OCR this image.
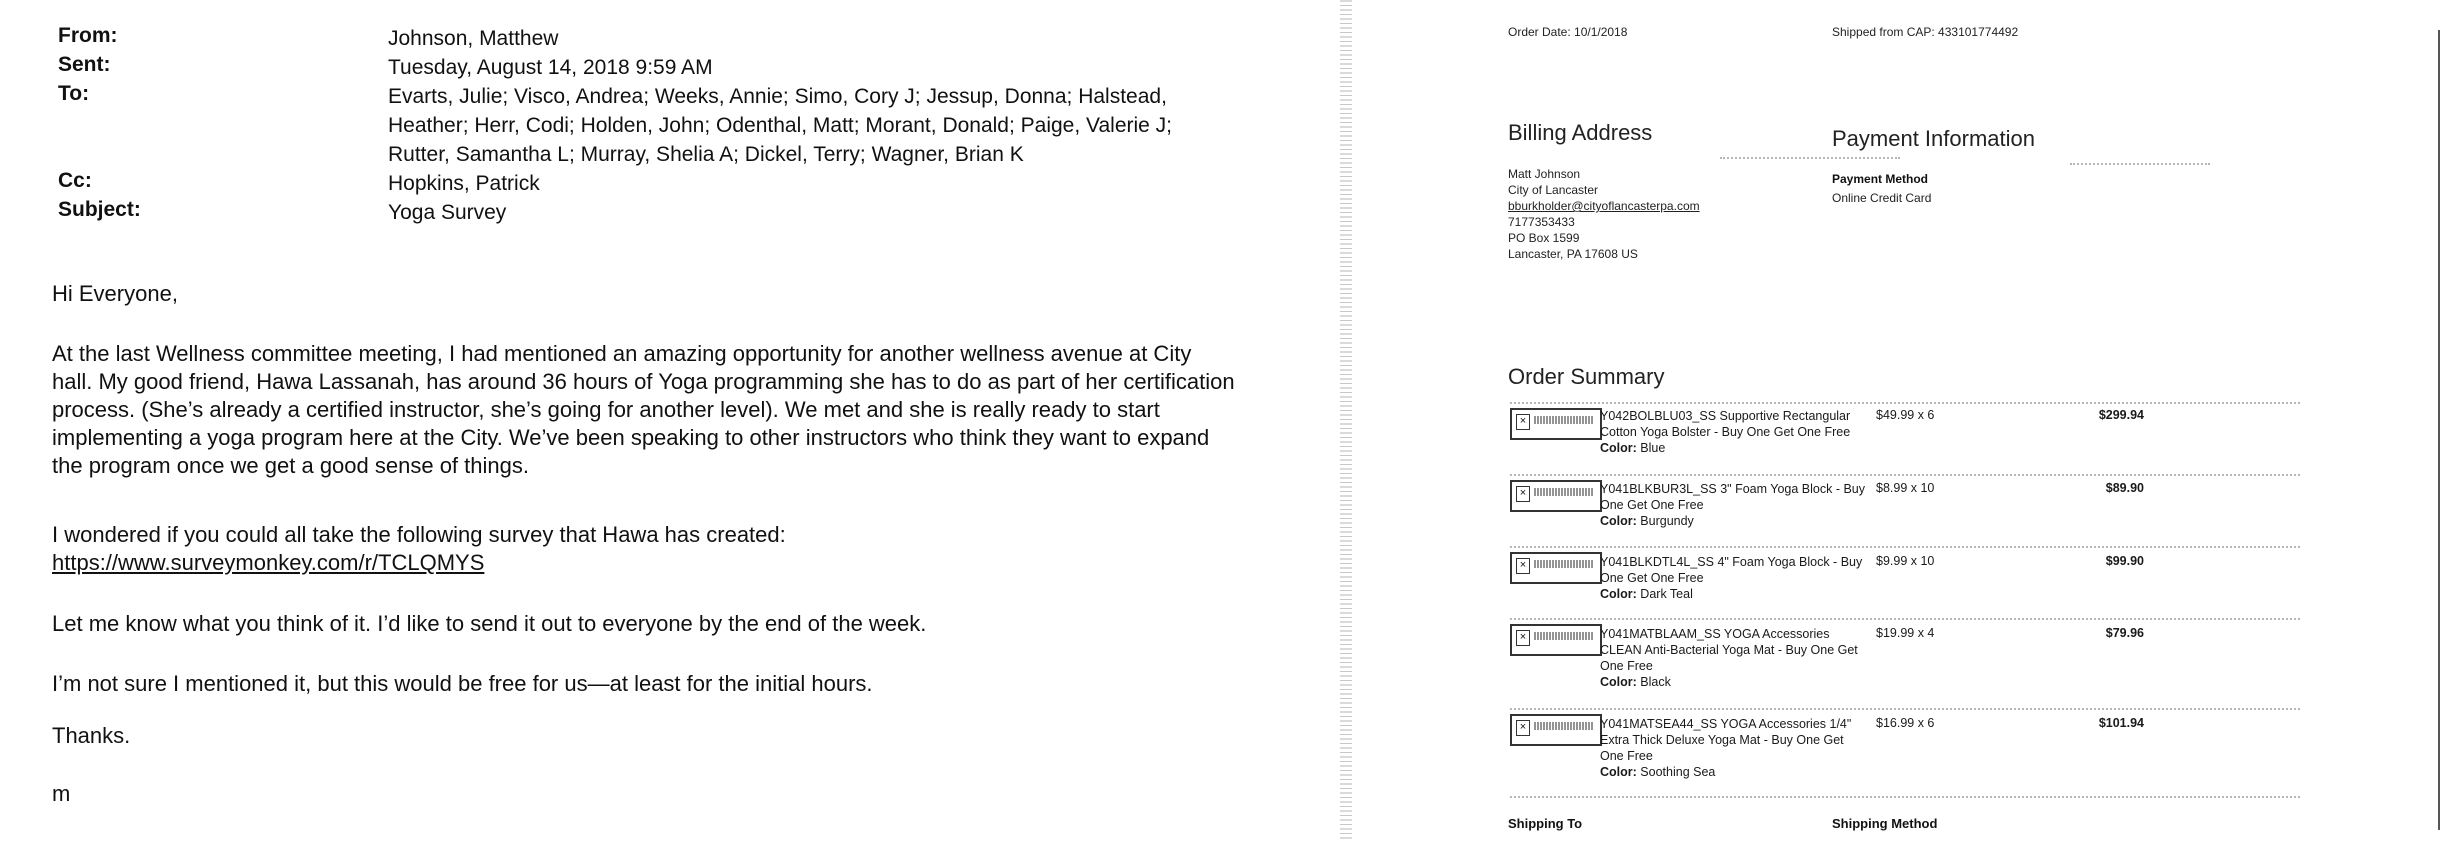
From:	Johnson, Matthew
Sent:	Tuesday, August 14, 2018 9:59 AM
To:	Evarts, Julie; Visco, Andrea; Weeks, Annie; Simo, Cory J; Jessup, Donna; Halstead,
Heather; Herr, Codi; Holden, John; Odenthal, Matt; Morant, Donald; Paige, Valerie J;
Rutter, Samantha L; Murray, Shelia A; Dickel, Terry; Wagner, Brian K
Cc:	Hopkins, Patrick
Subject:	Yoga Survey
Hi Everyone,
At the last Wellness committee meeting, I had mentioned an amazing opportunity for another wellness avenue at City
hall. My good friend, Hawa Lassanah, has around 36 hours of Yoga programming she has to do as part of her certification
process. (She’s already a certified instructor, she’s going for another level). We met and she is really ready to start
implementing a yoga program here at the City. We’ve been speaking to other instructors who think they want to expand
the program once we get a good sense of things.
I wondered if you could all take the following survey that Hawa has created:
https://www.surveymonkey.com/r/TCLQMYS
Let me know what you think of it. I’d like to send it out to everyone by the end of the week.
I’m not sure I mentioned it, but this would be free for us—at least for the initial hours.
Thanks.
m
Order Date: 10/1/2018	Shipped from CAP: 433101774492
Billing Address
Matt Johnson
City of Lancaster
bburkholder@cityoflancasterpa.com
7177353433
PO Box 1599
Lancaster, PA 17608 US
Payment Information
Payment Method
Online Credit Card
Order Summary
×	Y042BOLBLU03_SS Supportive Rectangular
Cotton Yoga Bolster - Buy One Get One Free
Color: Blue
$49.99 x 6	$299.94
×	Y041BLKBUR3L_SS 3" Foam Yoga Block - Buy
One Get One Free
Color: Burgundy
$8.99 x 10	$89.90
×	Y041BLKDTL4L_SS 4" Foam Yoga Block - Buy
One Get One Free
Color: Dark Teal
$9.99 x 10	$99.90
×	Y041MATBLAAM_SS YOGA Accessories
CLEAN Anti-Bacterial Yoga Mat - Buy One Get
One Free
Color: Black
$19.99 x 4	$79.96
×	Y041MATSEA44_SS YOGA Accessories 1/4"
Extra Thick Deluxe Yoga Mat - Buy One Get
One Free
Color: Soothing Sea
$16.99 x 6	$101.94
Shipping To	Shipping Method
